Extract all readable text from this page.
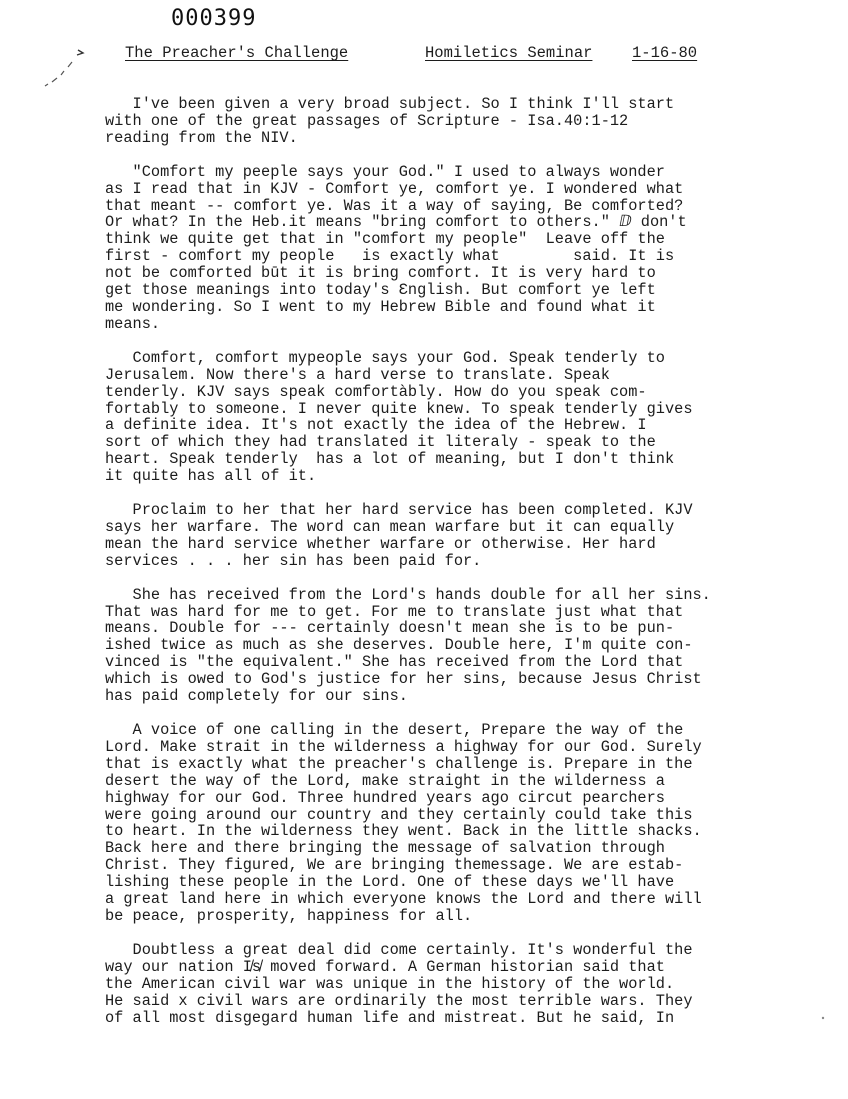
000399
The Preacher's Challenge	Homiletics Seminar	1-16-80
I've been given a very broad subject. So I think I'll start
with one of the great passages of Scripture - Isa.40:1-12
reading from the NIV.
"Comfort my peeple says your God." I used to always wonder
as I read that in KJV - Comfort ye, comfort ye. I wondered what
that meant -- comfort ye. Was it a way of saying, Be comforted?
Or what? In the Heb.it means "bring comfort to others." ⅅ don't
think we quite get that in "comfort my people"  Leave off the
first - comfort my people   is exactly what        said. It is
not be comforted būt it is bring comfort. It is very hard to
get those meanings into today's Ɛnglish. But comfort ye left
me wondering. So I went to my Hebrew Bible and found what it
means.
Comfort, comfort mypeople says your God. Speak tenderly to
Jerusalem. Now there's a hard verse to translate. Speak
tenderly. KJV says speak comfortàbly. How do you speak com-
fortably to someone. I never quite knew. To speak tenderly gives
a definite idea. It's not exactly the idea of the Hebrew. I
sort of which they had translated it literaly - speak to the
heart. Speak tenderly  has a lot of meaning, but I don't think
it quite has all of it.
Proclaim to her that her hard service has been completed. KJV
says her warfare. The word can mean warfare but it can equally
mean the hard service whether warfare or otherwise. Her hard
services . . . her sin has been paid for.
She has received from the Lord's hands double for all her sins.
That was hard for me to get. For me to translate just what that
means. Double for --- certainly doesn't mean she is to be pun-
ished twice as much as she deserves. Double here, I'm quite con-
vinced is "the equivalent." She has received from the Lord that
which is owed to God's justice for her sins, because Jesus Christ
has paid completely for our sins.
A voice of one calling in the desert, Prepare the way of the
Lord. Make strait in the wilderness a highway for our God. Surely
that is exactly what the preacher's challenge is. Prepare in the
desert the way of the Lord, make straight in the wilderness a
highway for our God. Three hundred years ago circut pearchers
were going around our country and they certainly could take this
to heart. In the wilderness they went. Back in the little shacks.
Back here and there bringing the message of salvation through
Christ. They figured, We are bringing themessage. We are estab-
lishing these people in the Lord. One of these days we'll have
a great land here in which everyone knows the Lord and there will
be peace, prosperity, happiness for all.
Doubtless a great deal did come certainly. It's wonderful the
way our nation I̸s̸ moved forward. A German historian said that
the American civil war was unique in the history of the world.
He said x civil wars are ordinarily the most terrible wars. They
of all most disgegard human life and mistreat. But he said, In
